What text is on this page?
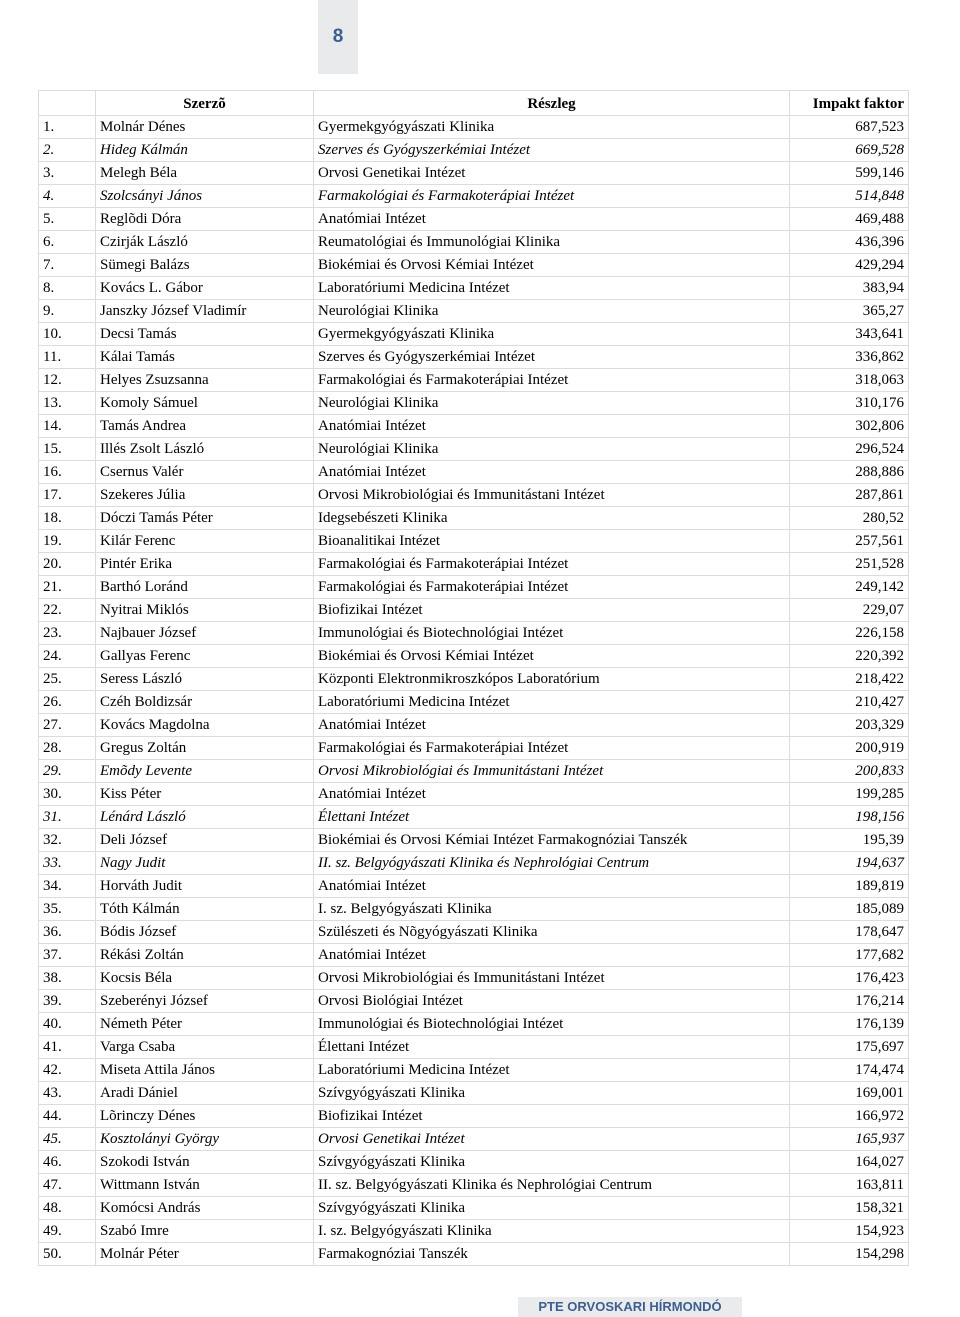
8
	Szerzõ	Részleg	Impakt faktor
1.	Molnár Dénes	Gyermekgyógyászati Klinika	687,523
2.	Hideg Kálmán	Szerves és Gyógyszerkémiai Intézet	669,528
3.	Melegh Béla	Orvosi Genetikai Intézet	599,146
4.	Szolcsányi János	Farmakológiai és Farmakoterápiai Intézet	514,848
5.	Reglõdi Dóra	Anatómiai Intézet	469,488
6.	Czirják László	Reumatológiai és Immunológiai Klinika	436,396
7.	Sümegi Balázs	Biokémiai és Orvosi Kémiai Intézet	429,294
8.	Kovács L. Gábor	Laboratóriumi Medicina Intézet	383,94
9.	Janszky József Vladimír	Neurológiai Klinika	365,27
10.	Decsi Tamás	Gyermekgyógyászati Klinika	343,641
11.	Kálai Tamás	Szerves és Gyógyszerkémiai Intézet	336,862
12.	Helyes Zsuzsanna	Farmakológiai és Farmakoterápiai Intézet	318,063
13.	Komoly Sámuel	Neurológiai Klinika	310,176
14.	Tamás Andrea	Anatómiai Intézet	302,806
15.	Illés Zsolt László	Neurológiai Klinika	296,524
16.	Csernus Valér	Anatómiai Intézet	288,886
17.	Szekeres Júlia	Orvosi Mikrobiológiai és Immunitástani Intézet	287,861
18.	Dóczi Tamás Péter	Idegsebészeti Klinika	280,52
19.	Kilár Ferenc	Bioanalitikai Intézet	257,561
20.	Pintér Erika	Farmakológiai és Farmakoterápiai Intézet	251,528
21.	Barthó Loránd	Farmakológiai és Farmakoterápiai Intézet	249,142
22.	Nyitrai Miklós	Biofizikai Intézet	229,07
23.	Najbauer József	Immunológiai és Biotechnológiai Intézet	226,158
24.	Gallyas Ferenc	Biokémiai és Orvosi Kémiai Intézet	220,392
25.	Seress László	Központi Elektronmikroszkópos Laboratórium	218,422
26.	Czéh Boldizsár	Laboratóriumi Medicina Intézet	210,427
27.	Kovács Magdolna	Anatómiai Intézet	203,329
28.	Gregus Zoltán	Farmakológiai és Farmakoterápiai Intézet	200,919
29.	Emõdy Levente	Orvosi Mikrobiológiai és Immunitástani Intézet	200,833
30.	Kiss Péter	Anatómiai Intézet	199,285
31.	Lénárd László	Élettani Intézet	198,156
32.	Deli József	Biokémiai és Orvosi Kémiai Intézet Farmakognóziai Tanszék	195,39
33.	Nagy Judit	II. sz. Belgyógyászati Klinika és Nephrológiai Centrum	194,637
34.	Horváth Judit	Anatómiai Intézet	189,819
35.	Tóth Kálmán	I. sz. Belgyógyászati Klinika	185,089
36.	Bódis József	Szülészeti és Nõgyógyászati Klinika	178,647
37.	Rékási Zoltán	Anatómiai Intézet	177,682
38.	Kocsis Béla	Orvosi Mikrobiológiai és Immunitástani Intézet	176,423
39.	Szeberényi József	Orvosi Biológiai Intézet	176,214
40.	Németh Péter	Immunológiai és Biotechnológiai Intézet	176,139
41.	Varga Csaba	Élettani Intézet	175,697
42.	Miseta Attila János	Laboratóriumi Medicina Intézet	174,474
43.	Aradi Dániel	Szívgyógyászati Klinika	169,001
44.	Lõrinczy Dénes	Biofizikai Intézet	166,972
45.	Kosztolányi György	Orvosi Genetikai Intézet	165,937
46.	Szokodi István	Szívgyógyászati Klinika	164,027
47.	Wittmann István	II. sz. Belgyógyászati Klinika és Nephrológiai Centrum	163,811
48.	Komócsi András	Szívgyógyászati Klinika	158,321
49.	Szabó Imre	I. sz. Belgyógyászati Klinika	154,923
50.	Molnár Péter	Farmakognóziai Tanszék	154,298
PTE ORVOSKARI HÍRMONDÓ
